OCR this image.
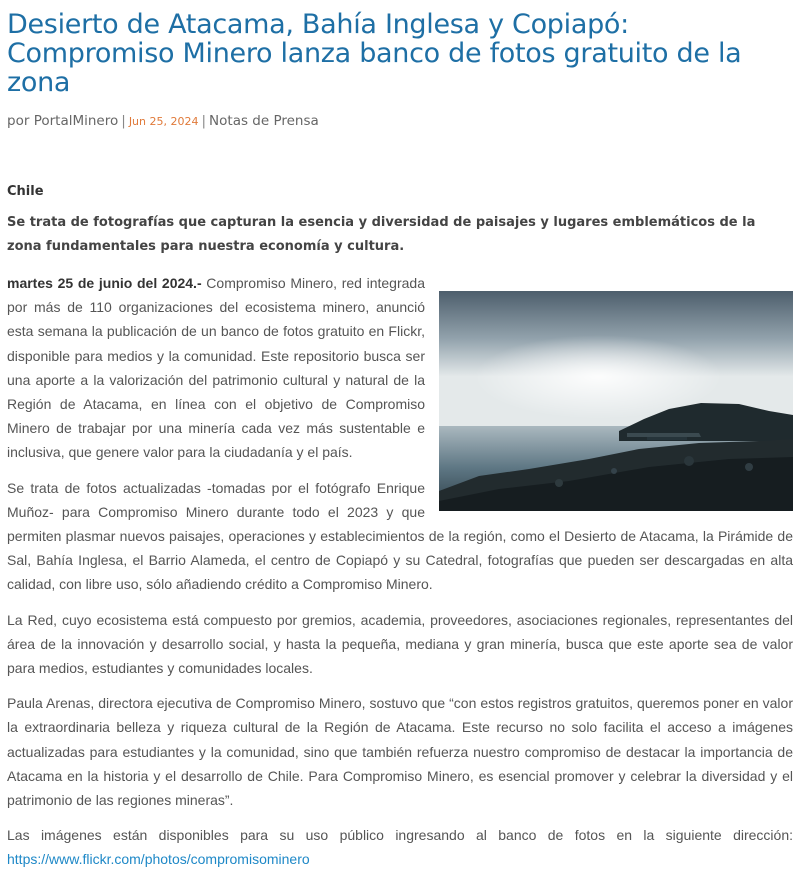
Desierto de Atacama, Bahía Inglesa y Copiapó: Compromiso Minero lanza banco de fotos gratuito de la zona
por PortalMinero | Jun 25, 2024 | Notas de Prensa
Chile

Se trata de fotografías que capturan la esencia y diversidad de paisajes y lugares emblemáticos de la zona fundamentales para nuestra economía y cultura.

martes 25 de junio del 2024.- Compromiso Minero, red integrada por más de 110 organizaciones del ecosistema minero, anunció esta semana la publicación de un banco de fotos gratuito en Flickr, disponible para medios y la comunidad. Este repositorio busca ser una aporte a la valorización del patrimonio cultural y natural de la Región de Atacama, en línea con el objetivo de Compromiso Minero de trabajar por una minería cada vez más sustentable e inclusiva, que genere valor para la ciudadanía y el país.

Se trata de fotos actualizadas -tomadas por el fotógrafo Enrique Muñoz- para Compromiso Minero durante todo el 2023 y que permiten plasmar nuevos paisajes, operaciones y establecimientos de la región, como el Desierto de Atacama, la Pirámide de Sal, Bahía Inglesa, el Barrio Alameda, el centro de Copiapó y su Catedral, fotografías que pueden ser descargadas en alta calidad, con libre uso, sólo añadiendo crédito a Compromiso Minero.

La Red, cuyo ecosistema está compuesto por gremios, academia, proveedores, asociaciones regionales, representantes del área de la innovación y desarrollo social, y hasta la pequeña, mediana y gran minería, busca que este aporte sea de valor para medios, estudiantes y comunidades locales.

Paula Arenas, directora ejecutiva de Compromiso Minero, sostuvo que “con estos registros gratuitos, queremos poner en valor la extraordinaria belleza y riqueza cultural de la Región de Atacama. Este recurso no solo facilita el acceso a imágenes actualizadas para estudiantes y la comunidad, sino que también refuerza nuestro compromiso de destacar la importancia de Atacama en la historia y el desarrollo de Chile. Para Compromiso Minero, es esencial promover y celebrar la diversidad y el patrimonio de las regiones mineras”.

Las imágenes están disponibles para su uso público ingresando al banco de fotos en la siguiente dirección: https://www.flickr.com/photos/compromisominero
